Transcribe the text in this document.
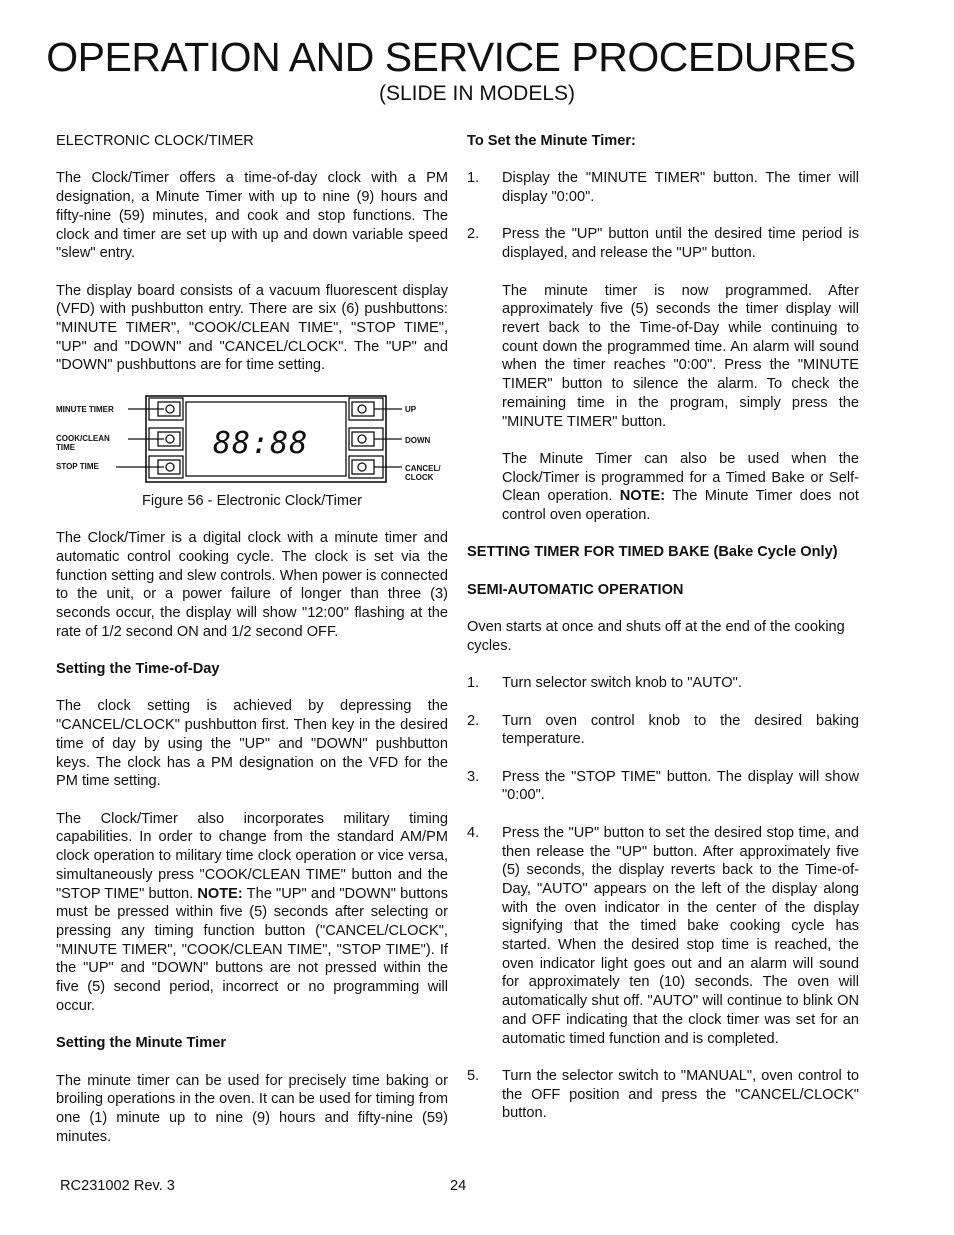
OPERATION AND SERVICE PROCEDURES
(SLIDE IN MODELS)

ELECTRONIC CLOCK/TIMER

The Clock/Timer offers a time-of-day clock with a PM designation, a Minute Timer with up to nine (9) hours and fifty-nine (59) minutes, and cook and stop functions. The clock and timer are set up with up and down variable speed "slew" entry.

The display board consists of a vacuum fluorescent display (VFD) with pushbutton entry. There are six (6) pushbuttons: "MINUTE TIMER", "COOK/CLEAN TIME", "STOP TIME", "UP" and "DOWN" and "CANCEL/CLOCK". The "UP" and "DOWN" pushbuttons are for time setting.

MINUTE TIMER
COOK/CLEAN
TIME
STOP TIME
UP
DOWN
CANCEL/
CLOCK
88:88

Figure 56 - Electronic Clock/Timer

The Clock/Timer is a digital clock with a minute timer and automatic control cooking cycle. The clock is set via the function setting and slew controls. When power is connected to the unit, or a power failure of longer than three (3) seconds occur, the display will show "12:00" flashing at the rate of 1/2 second ON and 1/2 second OFF.

Setting the Time-of-Day

The clock setting is achieved by depressing the "CANCEL/CLOCK" pushbutton first. Then key in the desired time of day by using the "UP" and "DOWN" pushbutton keys. The clock has a PM designation on the VFD for the PM time setting.

The Clock/Timer also incorporates military timing capabilities. In order to change from the standard AM/PM clock operation to military time clock operation or vice versa, simultaneously press "COOK/CLEAN TIME" button and the "STOP TIME" button. NOTE: The "UP" and "DOWN" buttons must be pressed within five (5) seconds after selecting or pressing any timing function button ("CANCEL/CLOCK", "MINUTE TIMER", "COOK/CLEAN TIME", "STOP TIME"). If the "UP" and "DOWN" buttons are not pressed within the five (5) second period, incorrect or no programming will occur.

Setting the Minute Timer

The minute timer can be used for precisely time baking or broiling operations in the oven. It can be used for timing from one (1) minute up to nine (9) hours and fifty-nine (59) minutes.

To Set the Minute Timer:

1.	Display the "MINUTE TIMER" button. The timer will display "0:00".
2.	Press the "UP" button until the desired time period is displayed, and release the "UP" button.

The minute timer is now programmed. After approximately five (5) seconds the timer display will revert back to the Time-of-Day while continuing to count down the programmed time. An alarm will sound when the timer reaches "0:00". Press the "MINUTE TIMER" button to silence the alarm. To check the remaining time in the program, simply press the "MINUTE TIMER" button.

The Minute Timer can also be used when the Clock/Timer is programmed for a Timed Bake or Self-Clean operation. NOTE: The Minute Timer does not control oven operation.

SETTING TIMER FOR TIMED BAKE (Bake Cycle Only)

SEMI-AUTOMATIC OPERATION

Oven starts at once and shuts off at the end of the cooking cycles.

1.	Turn selector switch knob to "AUTO".
2.	Turn oven control knob to the desired baking temperature.
3.	Press the "STOP TIME" button. The display will show "0:00".
4.	Press the "UP" button to set the desired stop time, and then release the "UP" button. After approximately five (5) seconds, the display reverts back to the Time-of-Day, "AUTO" appears on the left of the display along with the oven indicator in the center of the display signifying that the timed bake cooking cycle has started. When the desired stop time is reached, the oven indicator light goes out and an alarm will sound for approximately ten (10) seconds. The oven will automatically shut off. "AUTO" will continue to blink ON and OFF indicating that the clock timer was set for an automatic timed function and is completed.
5.	Turn the selector switch to "MANUAL", oven control to the OFF position and press the "CANCEL/CLOCK" button.
RC231002 Rev. 3	24
